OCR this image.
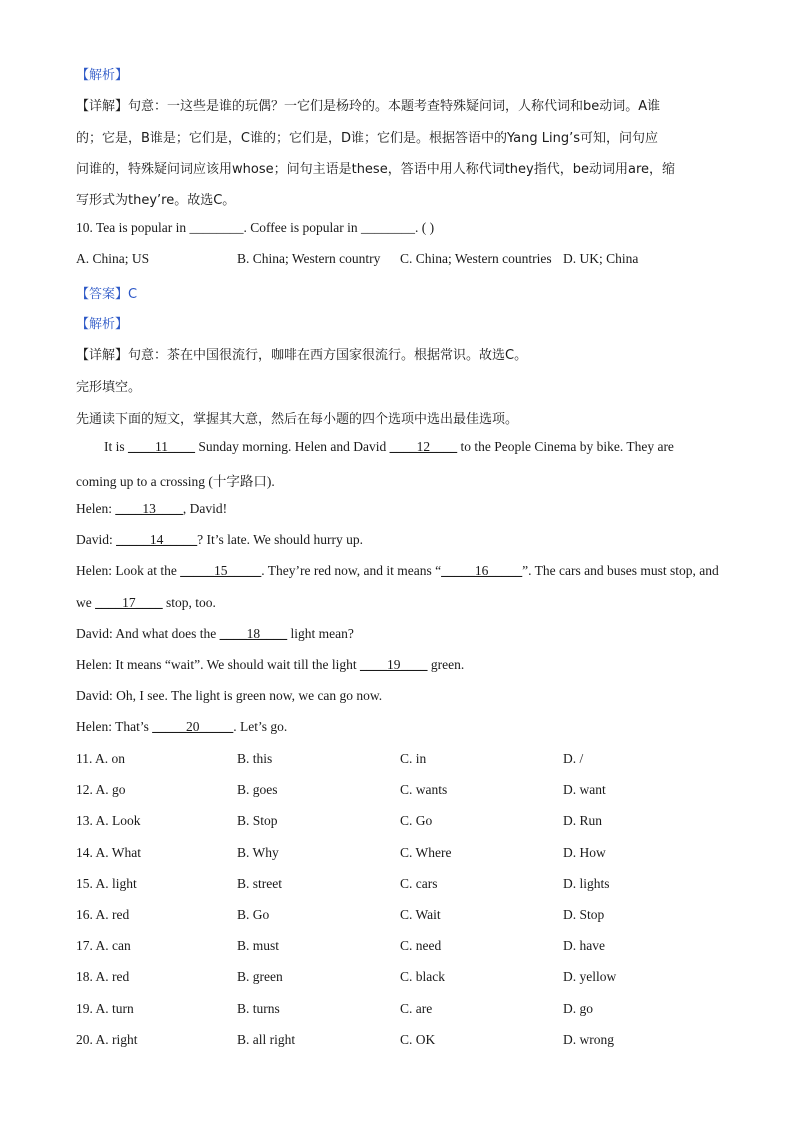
【解析】
【详解】句意：一这些是谁的玩偶？一它们是杨玲的。本题考查特殊疑问词，人称代词和be动词。A谁
的；它是，B谁是；它们是，C谁的；它们是，D谁；它们是。根据答语中的Yang Ling’s可知，问句应
问谁的，特殊疑问词应该用whose；问句主语是these，答语中用人称代词they指代，be动词用are，缩
写形式为they’re。故选C。
10. Tea is popular in ________. Coffee is popular in ________. ( )
A. China; US	B. China; Western country C. China; Western countries D. UK; China
【答案】C
【解析】
【详解】句意：茶在中国很流行，咖啡在西方国家很流行。根据常识。故选C。
完形填空。
先通读下面的短文，掌握其大意，然后在每小题的四个选项中选出最佳选项。
It is ____11____ Sunday morning. Helen and David ____12____ to the People Cinema by bike. They are
coming up to a crossing (十字路口).
Helen: ____13____, David!
David: _____14_____? It’s late. We should hurry up.
Helen: Look at the _____15_____. They’re red now, and it means “_____16_____”. The cars and buses must stop, and
we ____17____ stop, too.
David: And what does the ____18____ light mean?
Helen: It means “wait”. We should wait till the light ____19____ green.
David: Oh, I see. The light is green now, we can go now.
Helen: That’s _____20_____. Let’s go.
11. A. on	B. this	C. in	D. /
12. A. go	B. goes	C. wants	D. want
13. A. Look	B. Stop	C. Go	D. Run
14. A. What	B. Why	C. Where	D. How
15. A. light	B. street	C. cars	D. lights
16. A. red	B. Go	C. Wait	D. Stop
17. A. can	B. must	C. need	D. have
18. A. red	B. green	C. black	D. yellow
19. A. turn	B. turns	C. are	D. go
20. A. right	B. all right	C. OK	D. wrong
